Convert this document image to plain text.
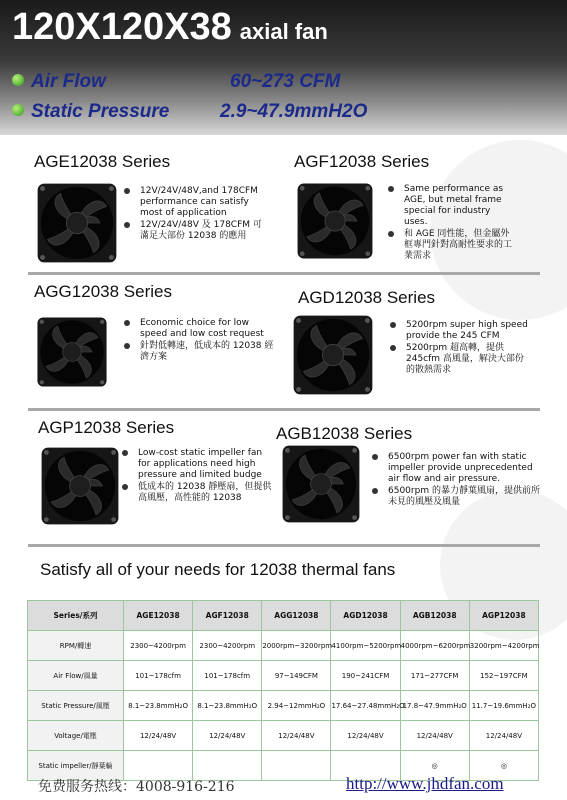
120X120X38 axial fan
Air Flow	60~273 CFM
Static Pressure	2.9~47.9mmH2O
AGE12038 Series
12V/24V/48V,and 178CFM performance can satisfy most of application
12V/24V/48V 及 178CFM 可滿足大部份 12038 的應用
AGF12038 Series
Same performance as AGE, but metal frame special for industry uses.
和 AGE 同性能，但金屬外框專門針對高耐性要求的工業需求
AGG12038 Series
Economic choice for low speed and low cost request
針對低轉速，低成本的 12038 經濟方案
AGD12038 Series
5200rpm super high speed provide the 245 CFM
5200rpm 超高轉，提供 245cfm 高風量，解決大部份的散熱需求
AGP12038 Series
Low-cost static impeller fan for applications need high pressure and limited budge
低成本的 12038 靜壓扇，但提供高風壓，高性能的 12038
AGB12038 Series
6500rpm power fan with static impeller provide unprecedented air flow and air pressure.
6500rpm 的暴力靜葉風扇，提供前所未見的風壓及風量
Satisfy all of your needs for 12038 thermal fans
Series/系列	AGE12038	AGF12038	AGG12038	AGD12038	AGB12038	AGP12038
RPM/轉速	2300~4200rpm	2300~4200rpm	2000rpm~3200rpm	4100rpm~5200rpm	4000rpm~6200rpm	3200rpm~4200rpm
Air Flow/風量	101~178cfm	101~178cfm	97~149CFM	190~241CFM	171~277CFM	152~197CFM
Static Pressure/風壓	8.1~23.8mmH₂O	8.1~23.8mmH₂O	2.94~12mmH₂O	17.64~27.48mmH₂O	17.8~47.9mmH₂O	11.7~19.6mmH₂O
Voltage/電壓	12/24/48V	12/24/48V	12/24/48V	12/24/48V	12/24/48V	12/24/48V
Static impeller/靜葉輪					◎	◎
免费服务热线：4008-916-216	http://www.jhdfan.com
